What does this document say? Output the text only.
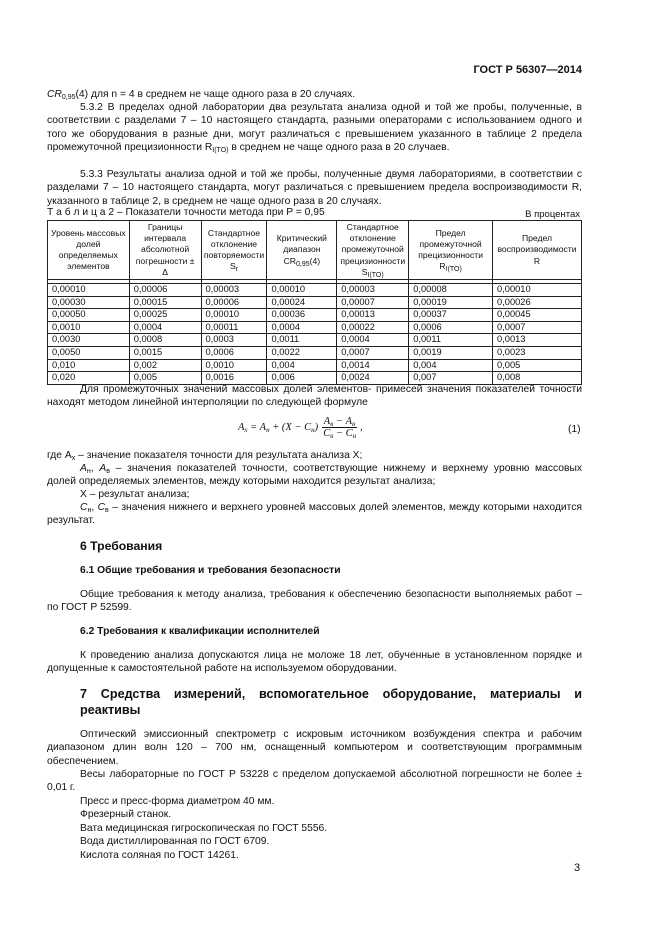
ГОСТ Р 56307—2014
$CR_{0,95}(4)$ для n = 4 в среднем не чаще одного раза в 20 случаях.
5.3.2 В пределах одной лаборатории два результата анализа одной и той же пробы, полученные, в соответствии с разделами 7 – 10 настоящего стандарта, разными операторами с использованием одного и того же оборудования в разные дни, могут различаться с превышением указанного в таблице 2 предела промежуточной прецизионности $R_{I(TO)}$ в среднем не чаще одного раза в 20 случаев.
5.3.3 Результаты анализа одной и той же пробы, полученные двумя лабораториями, в соответствии с разделами 7 – 10 настоящего стандарта, могут различаться с превышением предела воспроизводимости R, указанного в таблице 2, в среднем не чаще одного раза в 20 случаях.
Т а б л и ц а 2 – Показатели точности метода при P = 0,95	В процентах
Уровень массовых долей определяемых элементов	Границы интервала абсолютной погрешности ± Δ	Стандартное отклонение повторяемости $S_r$	Критический диапазон $CR_{0,95}(4)$	Стандартное отклонение промежуточной прецизионности $S_{I(TO)}$	Предел промежуточной прецизионности $R_{I(TO)}$	Предел воспроизводимости R

0,00010	0,00006	0,00003	0,00010	0,00003	0,00008	0,00010
0,00030	0,00015	0,00006	0,00024	0,00007	0,00019	0,00026
0,00050	0,00025	0,00010	0,00036	0,00013	0,00037	0,00045
0,0010	0,0004	0,00011	0,0004	0,00022	0,0006	0,0007
0,0030	0,0008	0,0003	0,0011	0,0004	0,0011	0,0013
0,0050	0,0015	0,0006	0,0022	0,0007	0,0019	0,0023
0,010	0,002	0,0010	0,004	0,0014	0,004	0,005
0,020	0,005	0,0016	0,006	0,0024	0,007	0,008
Для промежуточных значений массовых долей элементов- примесей значения показателей точности находят методом линейной интерполяции по следующей формуле
$A_x = A_н + (X - C_н) \frac{A_в - A_н}{C_в - C_н}$ ,	(1)
где $A_x$ – значение показателя точности для результата анализа X;
$A_н$, $A_в$ – значения показателей точности, соответствующие нижнему и верхнему уровню массовых долей определяемых элементов, между которыми находится результат анализа;
X – результат анализа;
$C_н$, $C_в$ – значения нижнего и верхнего уровней массовых долей элементов, между которыми находится результат.
6 Требования
6.1 Общие требования и требования безопасности
Общие требования к методу анализа, требования к обеспечению безопасности выполняемых работ – по ГОСТ Р 52599.
6.2 Требования к квалификации исполнителей
К проведению анализа допускаются лица не моложе 18 лет, обученные в установленном порядке и допущенные к самостоятельной работе на используемом оборудовании.
7 Средства измерений, вспомогательное оборудование, материалы и реактивы
Оптический эмиссионный спектрометр с искровым источником возбуждения спектра и рабочим диапазоном длин волн 120 – 700 нм, оснащенный компьютером и соответствующим программным обеспечением.
Весы лабораторные по ГОСТ Р 53228 с пределом допускаемой абсолютной погрешности не более ± 0,01 г.
Пресс и пресс-форма диаметром 40 мм.
Фрезерный станок.
Вата медицинская гигроскопическая по ГОСТ 5556.
Вода дистиллированная по ГОСТ 6709.
Кислота соляная по ГОСТ 14261.
3
